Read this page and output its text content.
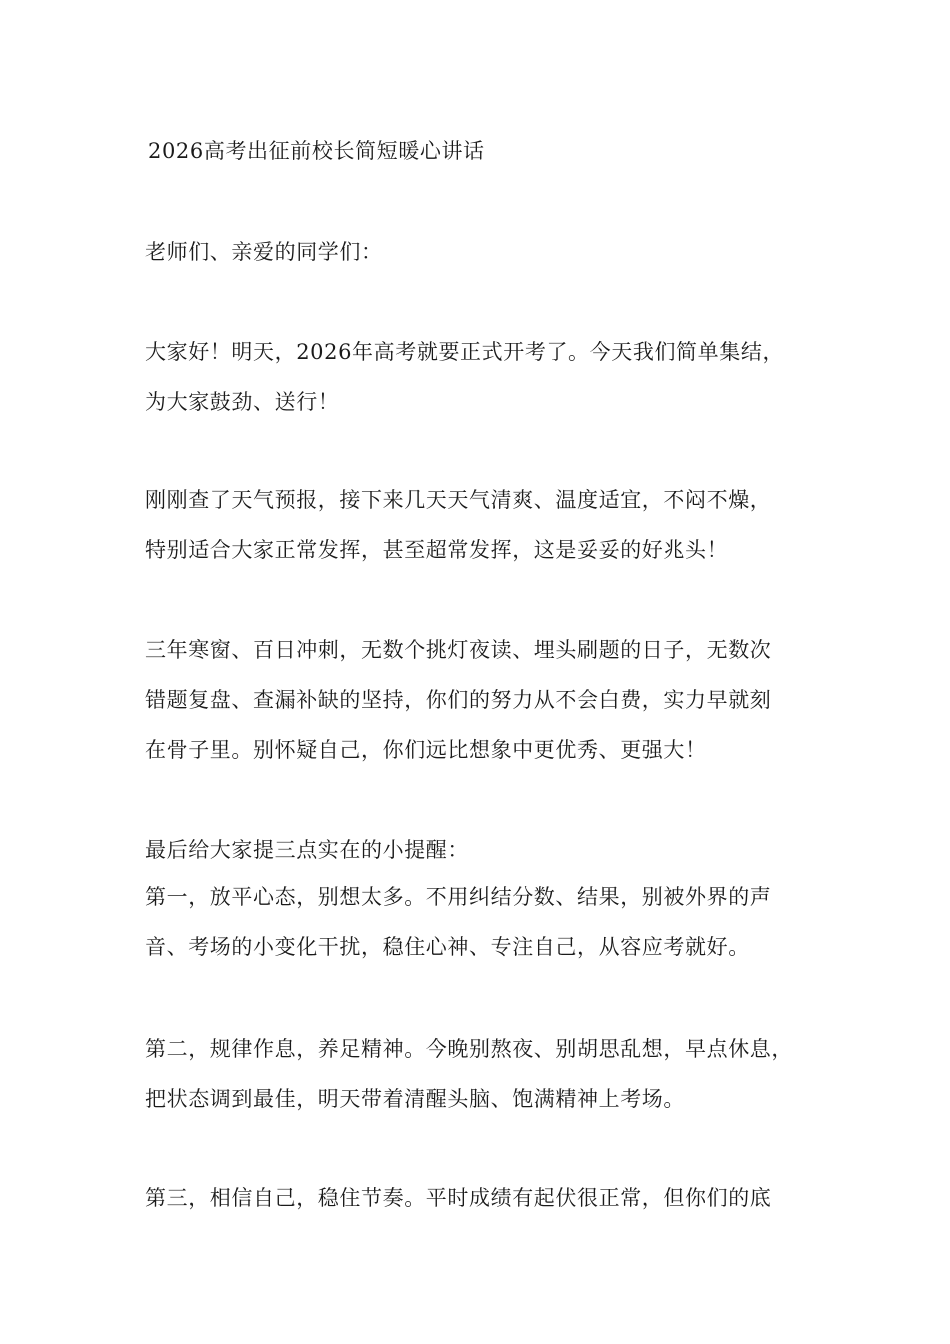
2026高考出征前校长简短暖心讲话
老师们、亲爱的同学们：
大家好！明天，2026年高考就要正式开考了。今天我们简单集结，
为大家鼓劲、送行！
刚刚查了天气预报，接下来几天天气清爽、温度适宜，不闷不燥，
特别适合大家正常发挥，甚至超常发挥，这是妥妥的好兆头！
三年寒窗、百日冲刺，无数个挑灯夜读、埋头刷题的日子，无数次
错题复盘、查漏补缺的坚持，你们的努力从不会白费，实力早就刻
在骨子里。别怀疑自己，你们远比想象中更优秀、更强大！
最后给大家提三点实在的小提醒：
第一，放平心态，别想太多。不用纠结分数、结果，别被外界的声
音、考场的小变化干扰，稳住心神、专注自己，从容应考就好。
第二，规律作息，养足精神。今晚别熬夜、别胡思乱想，早点休息，
把状态调到最佳，明天带着清醒头脑、饱满精神上考场。
第三，相信自己，稳住节奏。平时成绩有起伏很正常，但你们的底
